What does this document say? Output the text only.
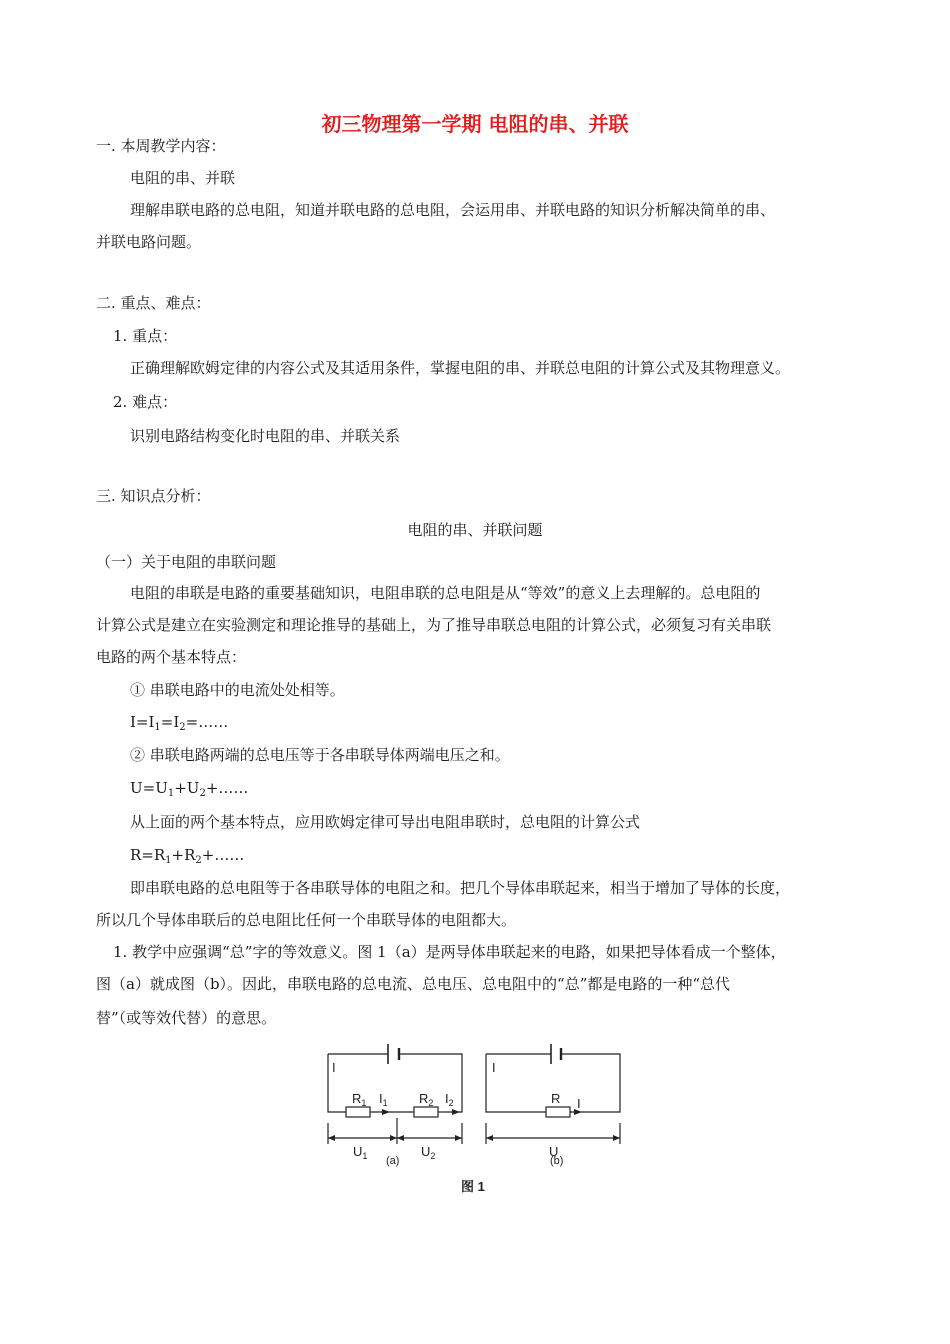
初三物理第一学期 电阻的串、并联
一. 本周教学内容：
电阻的串、并联
理解串联电路的总电阻，知道并联电路的总电阻，会运用串、并联电路的知识分析解决简单的串、
并联电路问题。
二. 重点、难点：
1. 重点：
正确理解欧姆定律的内容公式及其适用条件，掌握电阻的串、并联总电阻的计算公式及其物理意义。
2. 难点：
识别电路结构变化时电阻的串、并联关系
三. 知识点分析：
电阻的串、并联问题
（一）关于电阻的串联问题
电阻的串联是电路的重要基础知识，电阻串联的总电阻是从“等效”的意义上去理解的。总电阻的
计算公式是建立在实验测定和理论推导的基础上，为了推导串联总电阻的计算公式，必须复习有关串联
电路的两个基本特点：
① 串联电路中的电流处处相等。
$I=I_1=I_2=\dots\dots$
② 串联电路两端的总电压等于各串联导体两端电压之和。
$U=U_1+U_2+\dots\dots$
从上面的两个基本特点，应用欧姆定律可导出电阻串联时，总电阻的计算公式
$R=R_1+R_2+\dots\dots$
即串联电路的总电阻等于各串联导体的电阻之和。把几个导体串联起来，相当于增加了导体的长度，
所以几个导体串联后的总电阻比任何一个串联导体的电阻都大。
1. 教学中应强调“总”字的等效意义。图 1（a）是两导体串联起来的电路，如果把导体看成一个整体，
图（a）就成图（b）。因此，串联电路的总电流、总电压、总电阻中的“总”都是电路的一种“总代
替”（或等效代替）的意思。
I
$R_1$ $I_1$ $R_2$ $I_2$
$U_1$	$U_2$
(a)
I
R I
U
(b)
图 1
